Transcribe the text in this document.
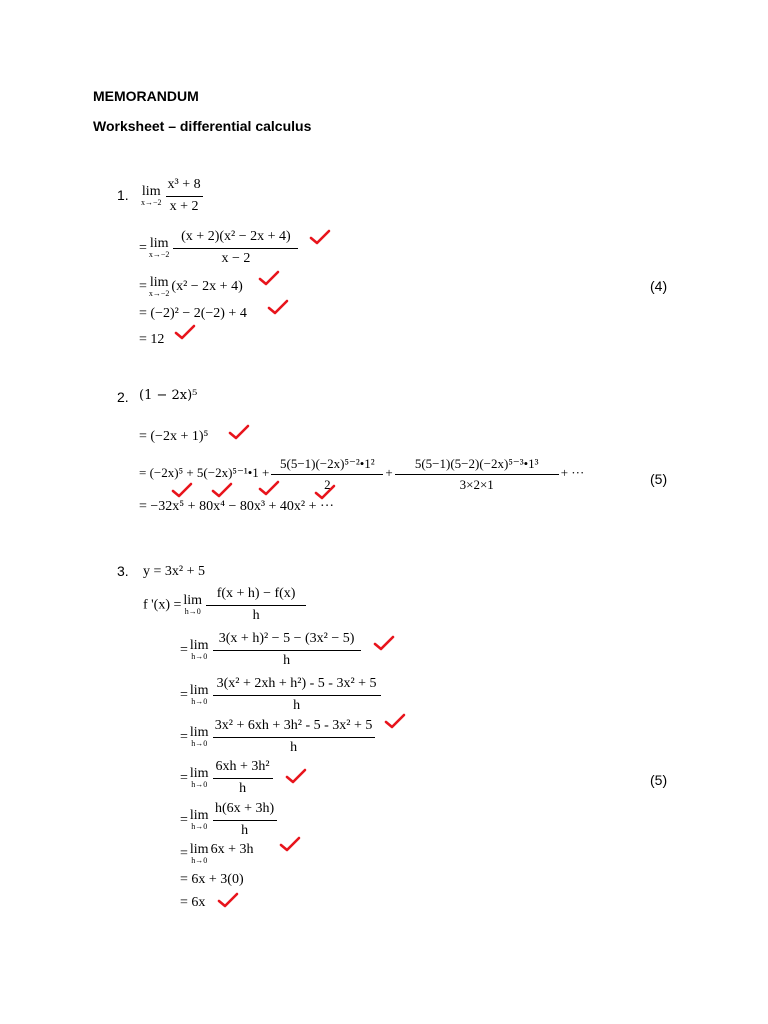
MEMORANDUM
Worksheet – differential calculus
1. lim
$x\to-2 \frac{\text{x³ + 8}}{x + 2}$
= lim
$x\to-2 \frac{\text{(x + 2)(x² − 2x + 4)}}{x - 2}$
= lim
x→−2 (x² − 2x + 4)	(4)
= (−2)² − 2(−2) + 4
= 12
2. (1 − 2x)⁵
= (−2x + 1)⁵
= (−2x)⁵ + 5(−2x)⁵⁻¹•1 + $\frac{\text{5(5−1)(−2x)⁵⁻²•1²}}{2} + \frac{\text{5(5−1)(5−2)(−2x)⁵⁻³•1³}}{3\times 2\times 1}$ + ···	(5)
= −32x⁵ + 80x⁴ − 80x³ + 40x² + ···
3. y = 3x² + 5
f '(x) = lim
$h\to 0 \frac{f(x + h) - f(x)}{h}$
= lim
$h\to 0 \frac{\text{3(x + h)² − 5 − (3x² − 5)}}{h}$
= lim
$h\to 0 \frac{\text{3(x² + 2xh + h²) - 5 - 3x² + 5}}{h}$
= lim
$h\to 0 \frac{\text{3x² + 6xh + 3h² - 5 - 3x² + 5}}{h}$
= lim
$h\to 0 \frac{\text{6xh + 3h²}}{h}$	(5)
= lim
$h\to 0 \frac{h(6x + 3h)}{h}$
= lim
h→0
6x + 3h
= 6x + 3(0)
= 6x
